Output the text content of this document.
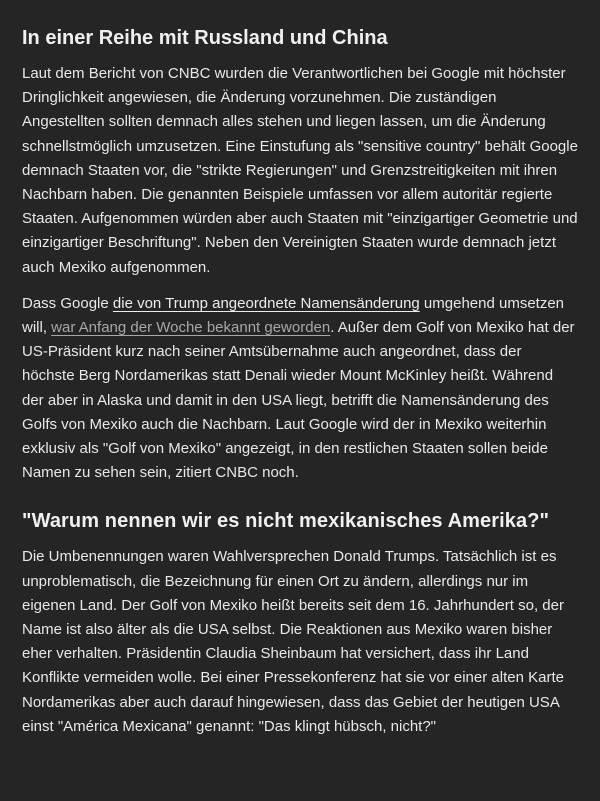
In einer Reihe mit Russland und China

Laut dem Bericht von CNBC wurden die Verantwortlichen bei Google mit höchster Dringlichkeit angewiesen, die Änderung vorzunehmen. Die zuständigen Angestellten sollten demnach alles stehen und liegen lassen, um die Änderung schnellstmöglich umzusetzen. Eine Einstufung als "sensitive country" behält Google demnach Staaten vor, die "strikte Regierungen" und Grenzstreitigkeiten mit ihren Nachbarn haben. Die genannten Beispiele umfassen vor allem autoritär regierte Staaten. Aufgenommen würden aber auch Staaten mit "einzigartiger Geometrie und einzigartiger Beschriftung". Neben den Vereinigten Staaten wurde demnach jetzt auch Mexiko aufgenommen.

Dass Google die von Trump angeordnete Namensänderung umgehend umsetzen will, war Anfang der Woche bekannt geworden. Außer dem Golf von Mexiko hat der US-Präsident kurz nach seiner Amtsübernahme auch angeordnet, dass der höchste Berg Nordamerikas statt Denali wieder Mount McKinley heißt. Während der aber in Alaska und damit in den USA liegt, betrifft die Namensänderung des Golfs von Mexiko auch die Nachbarn. Laut Google wird der in Mexiko weiterhin exklusiv als "Golf von Mexiko" angezeigt, in den restlichen Staaten sollen beide Namen zu sehen sein, zitiert CNBC noch.

"Warum nennen wir es nicht mexikanisches Amerika?"

Die Umbenennungen waren Wahlversprechen Donald Trumps. Tatsächlich ist es unproblematisch, die Bezeichnung für einen Ort zu ändern, allerdings nur im eigenen Land. Der Golf von Mexiko heißt bereits seit dem 16. Jahrhundert so, der Name ist also älter als die USA selbst. Die Reaktionen aus Mexiko waren bisher eher verhalten. Präsidentin Claudia Sheinbaum hat versichert, dass ihr Land Konflikte vermeiden wolle. Bei einer Pressekonferenz hat sie vor einer alten Karte Nordamerikas aber auch darauf hingewiesen, dass das Gebiet der heutigen USA einst "América Mexicana" genannt: "Das klingt hübsch, nicht?"
